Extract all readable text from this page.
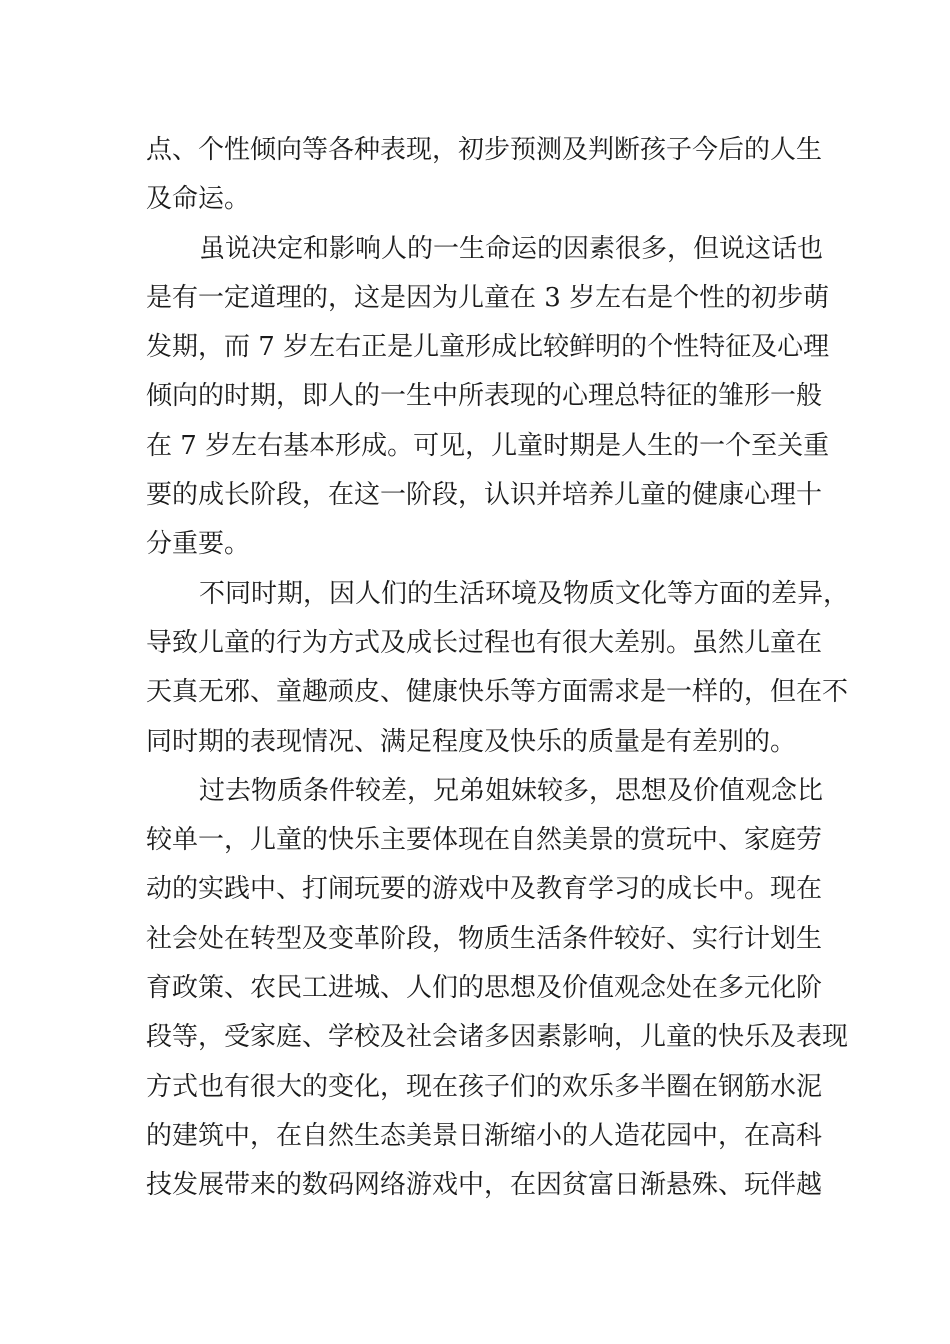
点、个性倾向等各种表现，初步预测及判断孩子今后的人生
及命运。
虽说决定和影响人的一生命运的因素很多，但说这话也
是有一定道理的，这是因为儿童在 3 岁左右是个性的初步萌
发期，而 7 岁左右正是儿童形成比较鲜明的个性特征及心理
倾向的时期，即人的一生中所表现的心理总特征的雏形一般
在 7 岁左右基本形成。可见，儿童时期是人生的一个至关重
要的成长阶段，在这一阶段，认识并培养儿童的健康心理十
分重要。
不同时期，因人们的生活环境及物质文化等方面的差异，
导致儿童的行为方式及成长过程也有很大差别。虽然儿童在
天真无邪、童趣顽皮、健康快乐等方面需求是一样的，但在不
同时期的表现情况、满足程度及快乐的质量是有差别的。
过去物质条件较差，兄弟姐妹较多，思想及价值观念比
较单一，儿童的快乐主要体现在自然美景的赏玩中、家庭劳
动的实践中、打闹玩要的游戏中及教育学习的成长中。现在
社会处在转型及变革阶段，物质生活条件较好、实行计划生
育政策、农民工进城、人们的思想及价值观念处在多元化阶
段等，受家庭、学校及社会诸多因素影响，儿童的快乐及表现
方式也有很大的变化，现在孩子们的欢乐多半圈在钢筋水泥
的建筑中，在自然生态美景日渐缩小的人造花园中，在高科
技发展带来的数码网络游戏中，在因贫富日渐悬殊、玩伴越
